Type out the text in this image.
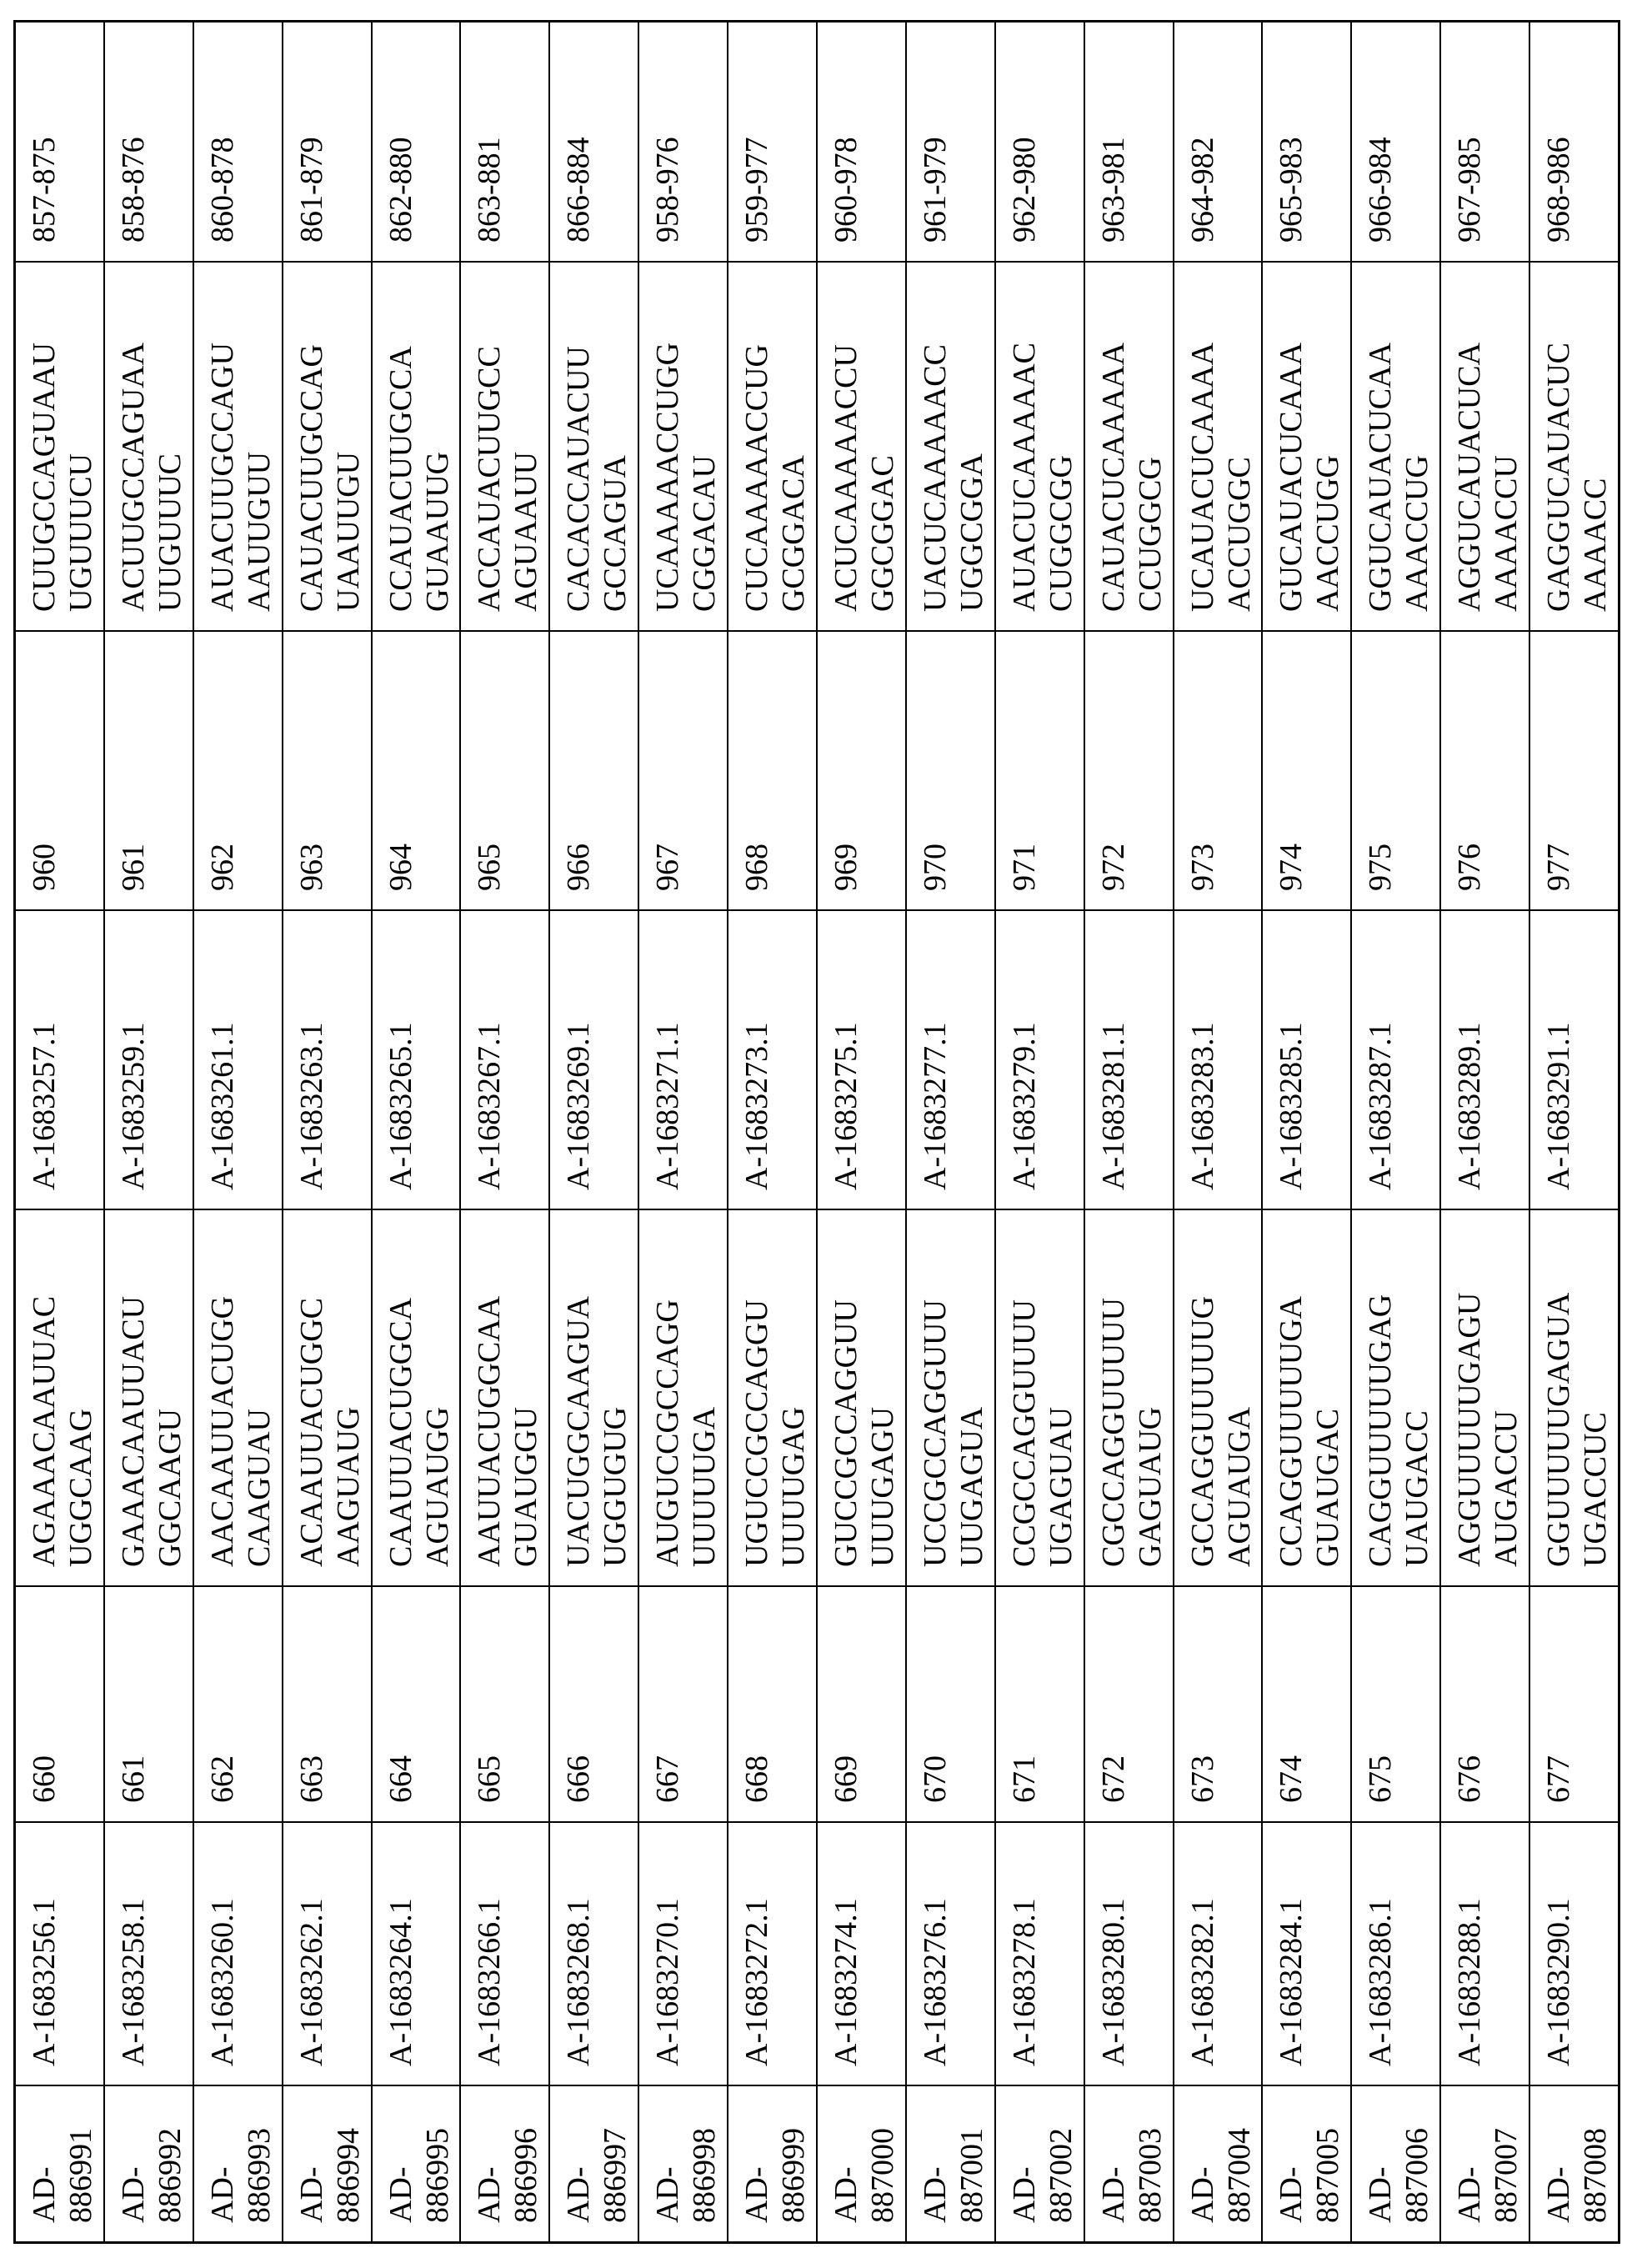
857-875
CUUGCCAGUAAU
UGUUUCU
960
A-1683257.1
AGAAACAAUUAC
UGGCAAG
660
A-1683256.1
AD-
886991
858-876
ACUUGCCAGUAA
UUGUUUC
961
A-1683259.1
GAAACAAUUACU
GGCAAGU
661
A-1683258.1
AD-
886992
860-878
AUACUUGCCAGU
AAUUGUU
962
A-1683261.1
AACAAUUACUGG
CAAGUAU
662
A-1683260.1
AD-
886993
861-879
CAUACUUGCCAG
UAAUUGU
963
A-1683263.1
ACAAUUACUGGC
AAGUAUG
663
A-1683262.1
AD-
886994
862-880
CCAUACUUGCCA
GUAAUUG
964
A-1683265.1
CAAUUACUGGCA
AGUAUGG
664
A-1683264.1
AD-
886995
863-881
ACCAUACUUGCC
AGUAAUU
965
A-1683267.1
AAUUACUGGCAA
GUAUGGU
665
A-1683266.1
AD-
886996
866-884
CACACCAUACUU
GCCAGUA
966
A-1683269.1
UACUGGCAAGUA
UGGUGUG
666
A-1683268.1
AD-
886997
958-976
UCAAAAACCUGG
CGGACAU
967
A-1683271.1
AUGUCCGCCAGG
UUUUUGA
667
A-1683270.1
AD-
886998
959-977
CUCAAAAACCUG
GCGGACA
968
A-1683273.1
UGUCCGCCAGGU
UUUUGAG
668
A-1683272.1
AD-
886999
960-978
ACUCAAAAACCU
GGCGGAC
969
A-1683275.1
GUCCGCCAGGUU
UUUGAGU
669
A-1683274.1
AD-
887000
961-979
UACUCAAAAACC
UGGCGGA
970
A-1683277.1
UCCGCCAGGUUU
UUGAGUA
670
A-1683276.1
AD-
887001
962-980
AUACUCAAAAAC
CUGGCGG
971
A-1683279.1
CCGCCAGGUUUU
UGAGUAU
671
A-1683278.1
AD-
887002
963-981
CAUACUCAAAAA
CCUGGCG
972
A-1683281.1
CGCCAGGUUUUU
GAGUAUG
672
A-1683280.1
AD-
887003
964-982
UCAUACUCAAAA
ACCUGGC
973
A-1683283.1
GCCAGGUUUUUG
AGUAUGA
673
A-1683282.1
AD-
887004
965-983
GUCAUACUCAAA
AACCUGG
974
A-1683285.1
CCAGGUUUUUGA
GUAUGAC
674
A-1683284.1
AD-
887005
966-984
GGUCAUACUCAA
AAACCUG
975
A-1683287.1
CAGGUUUUUGAG
UAUGACC
675
A-1683286.1
AD-
887006
967-985
AGGUCAUACUCA
AAAACCU
976
A-1683289.1
AGGUUUUUGAGU
AUGACCU
676
A-1683288.1
AD-
887007
968-986
GAGGUCAUACUC
AAAACC
977
A-1683291.1
GGUUUUUGAGUA
UGACCUC
677
A-1683290.1
AD-
887008
